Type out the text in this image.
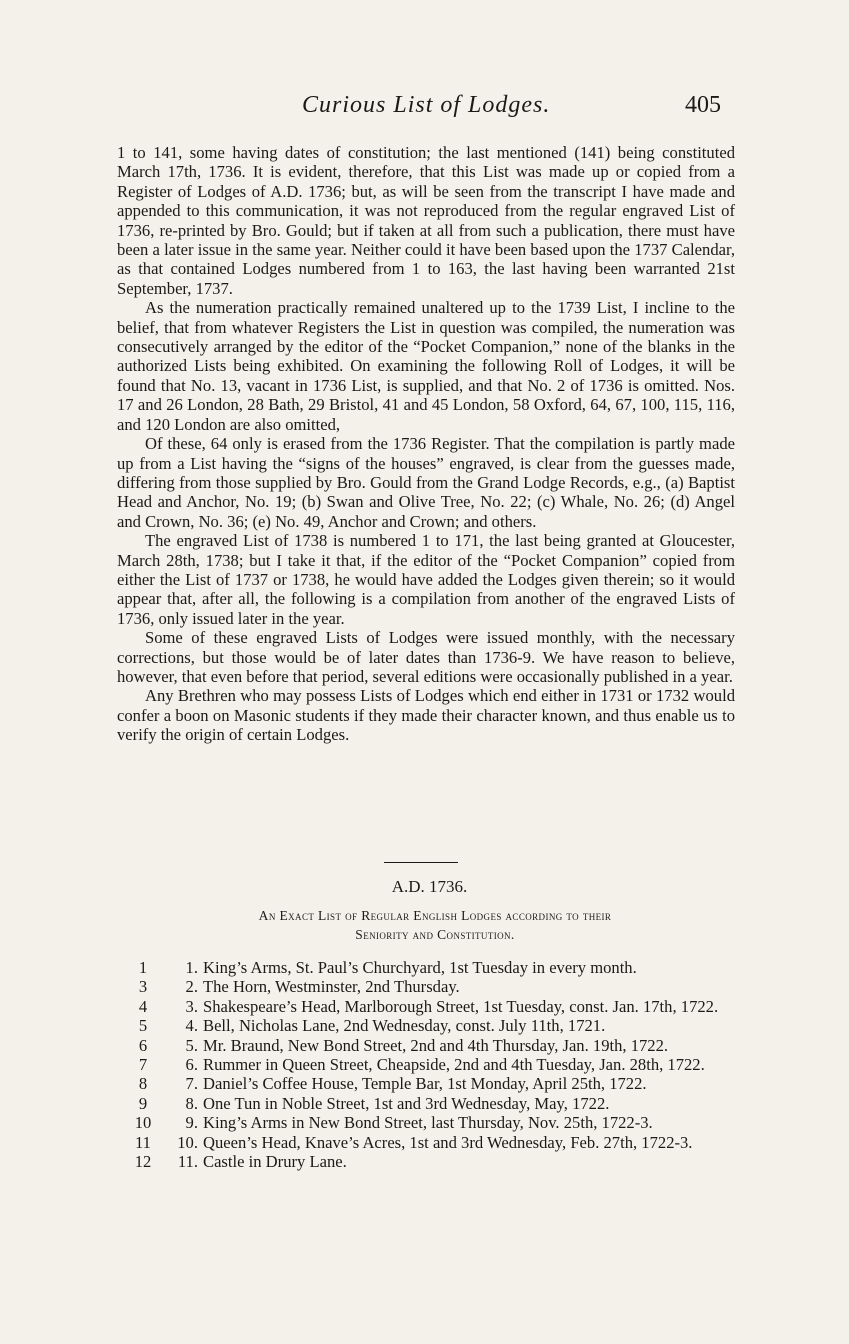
Curious List of Lodges.	405

1 to 141, some having dates of constitution; the last mentioned (141) being constituted March 17th, 1736. It is evident, therefore, that this List was made up or copied from a Register of Lodges of A.D. 1736; but, as will be seen from the transcript I have made and appended to this communication, it was not reproduced from the regular engraved List of 1736, re-printed by Bro. Gould; but if taken at all from such a publication, there must have been a later issue in the same year. Neither could it have been based upon the 1737 Calendar, as that contained Lodges numbered from 1 to 163, the last having been warranted 21st September, 1737.

As the numeration practically remained unaltered up to the 1739 List, I incline to the belief, that from whatever Registers the List in question was compiled, the numeration was consecutively arranged by the editor of the “Pocket Companion,” none of the blanks in the authorized Lists being exhibited. On examining the following Roll of Lodges, it will be found that No. 13, vacant in 1736 List, is supplied, and that No. 2 of 1736 is omitted. Nos. 17 and 26 London, 28 Bath, 29 Bristol, 41 and 45 London, 58 Oxford, 64, 67, 100, 115, 116, and 120 London are also omitted,

Of these, 64 only is erased from the 1736 Register. That the compilation is partly made up from a List having the “signs of the houses” engraved, is clear from the guesses made, differing from those supplied by Bro. Gould from the Grand Lodge Records, e.g., (a) Baptist Head and Anchor, No. 19; (b) Swan and Olive Tree, No. 22; (c) Whale, No. 26; (d) Angel and Crown, No. 36; (e) No. 49, Anchor and Crown; and others.

The engraved List of 1738 is numbered 1 to 171, the last being granted at Gloucester, March 28th, 1738; but I take it that, if the editor of the “Pocket Companion” copied from either the List of 1737 or 1738, he would have added the Lodges given therein; so it would appear that, after all, the following is a compilation from another of the engraved Lists of 1736, only issued later in the year.

Some of these engraved Lists of Lodges were issued monthly, with the necessary corrections, but those would be of later dates than 1736-9. We have reason to believe, however, that even before that period, several editions were occasionally published in a year.

Any Brethren who may possess Lists of Lodges which end either in 1731 or 1732 would confer a boon on Masonic students if they made their character known, and thus enable us to verify the origin of certain Lodges.

A.D. 1736.
An Exact List of Regular English Lodges according to their
Seniority and Constitution.
1	1. King’s Arms, St. Paul’s Churchyard, 1st Tuesday in every month.
3	2. The Horn, Westminster, 2nd Thursday.
4	3. Shakespeare’s Head, Marlborough Street, 1st Tuesday, const. Jan. 17th, 1722.
5	4. Bell, Nicholas Lane, 2nd Wednesday, const. July 11th, 1721.
6	5. Mr. Braund, New Bond Street, 2nd and 4th Thursday, Jan. 19th, 1722.
7	6. Rummer in Queen Street, Cheapside, 2nd and 4th Tuesday, Jan. 28th, 1722.
8	7. Daniel’s Coffee House, Temple Bar, 1st Monday, April 25th, 1722.
9	8. One Tun in Noble Street, 1st and 3rd Wednesday, May, 1722.
10	9. King’s Arms in New Bond Street, last Thursday, Nov. 25th, 1722-3.
11	10. Queen’s Head, Knave’s Acres, 1st and 3rd Wednesday, Feb. 27th, 1722-3.
12	11. Castle in Drury Lane.
